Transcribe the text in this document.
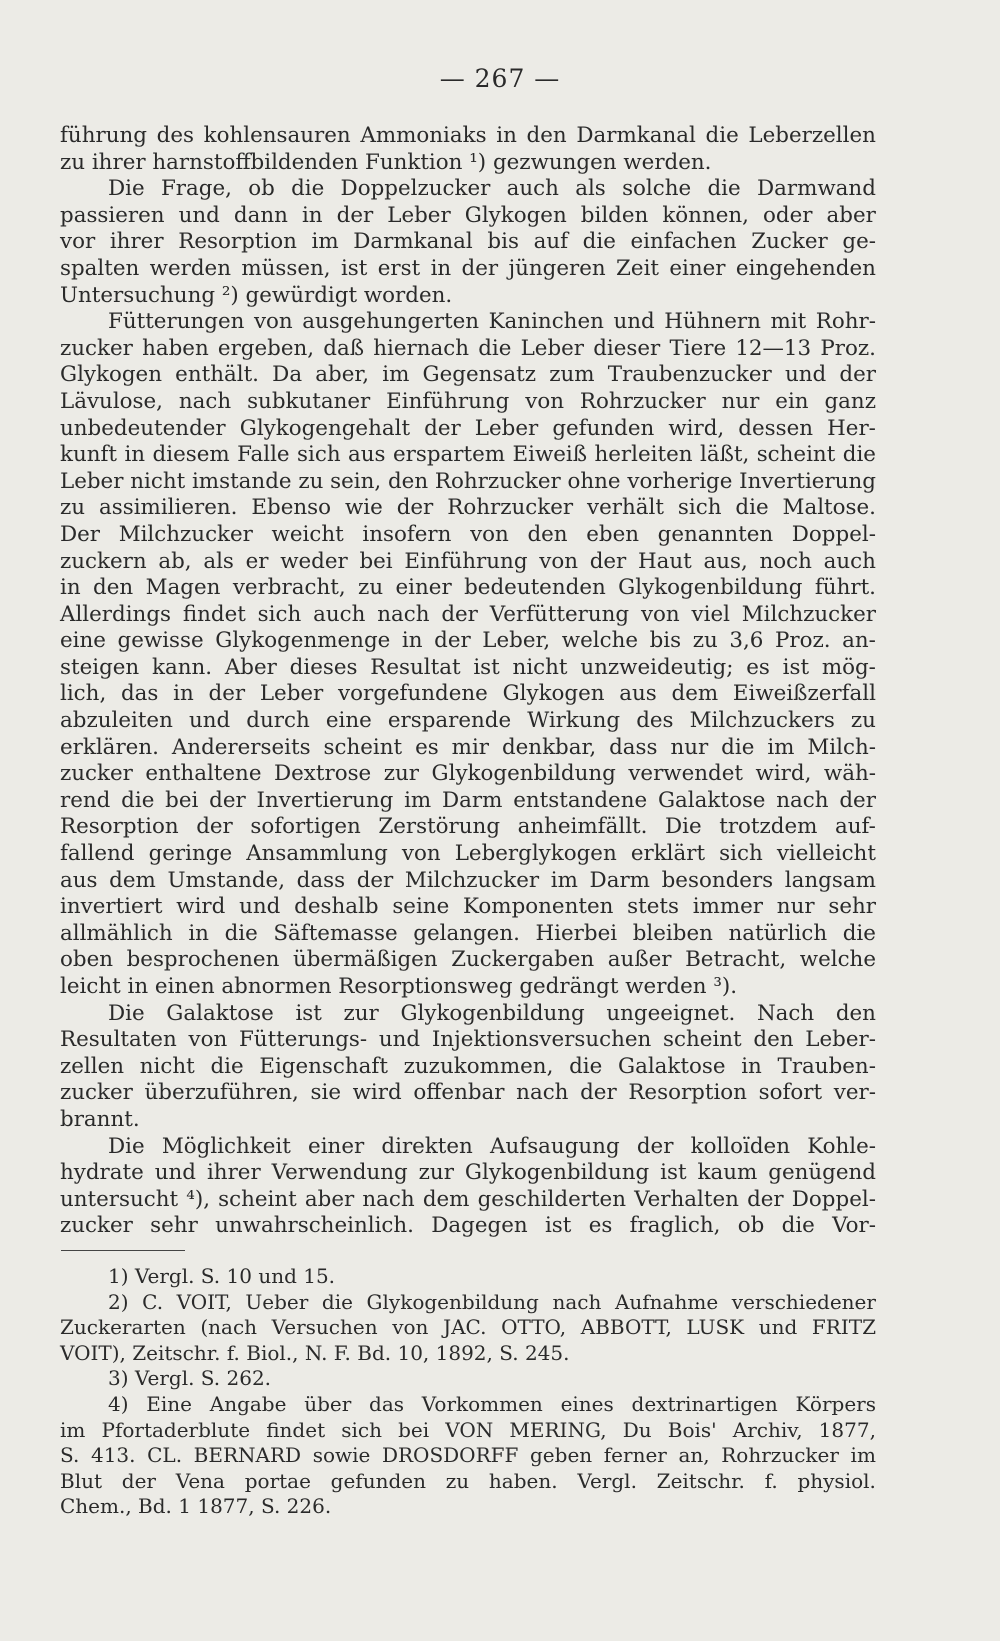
— 267 —
führung des kohlensauren Ammoniaks in den Darmkanal die Leberzellen
zu ihrer harnstoffbildenden Funktion ¹) gezwungen werden.
Die Frage, ob die Doppelzucker auch als solche die Darmwand
passieren und dann in der Leber Glykogen bilden können, oder aber
vor ihrer Resorption im Darmkanal bis auf die einfachen Zucker ge-
spalten werden müssen, ist erst in der jüngeren Zeit einer eingehenden
Untersuchung ²) gewürdigt worden.
Fütterungen von ausgehungerten Kaninchen und Hühnern mit Rohr-
zucker haben ergeben, daß hiernach die Leber dieser Tiere 12—13 Proz.
Glykogen enthält. Da aber, im Gegensatz zum Traubenzucker und der
Lävulose, nach subkutaner Einführung von Rohrzucker nur ein ganz
unbedeutender Glykogengehalt der Leber gefunden wird, dessen Her-
kunft in diesem Falle sich aus erspartem Eiweiß herleiten läßt, scheint die
Leber nicht imstande zu sein, den Rohrzucker ohne vorherige Invertierung
zu assimilieren. Ebenso wie der Rohrzucker verhält sich die Maltose.
Der Milchzucker weicht insofern von den eben genannten Doppel-
zuckern ab, als er weder bei Einführung von der Haut aus, noch auch
in den Magen verbracht, zu einer bedeutenden Glykogenbildung führt.
Allerdings findet sich auch nach der Verfütterung von viel Milchzucker
eine gewisse Glykogenmenge in der Leber, welche bis zu 3,6 Proz. an-
steigen kann. Aber dieses Resultat ist nicht unzweideutig; es ist mög-
lich, das in der Leber vorgefundene Glykogen aus dem Eiweißzerfall
abzuleiten und durch eine ersparende Wirkung des Milchzuckers zu
erklären. Andererseits scheint es mir denkbar, dass nur die im Milch-
zucker enthaltene Dextrose zur Glykogenbildung verwendet wird, wäh-
rend die bei der Invertierung im Darm entstandene Galaktose nach der
Resorption der sofortigen Zerstörung anheimfällt. Die trotzdem auf-
fallend geringe Ansammlung von Leberglykogen erklärt sich vielleicht
aus dem Umstande, dass der Milchzucker im Darm besonders langsam
invertiert wird und deshalb seine Komponenten stets immer nur sehr
allmählich in die Säftemasse gelangen. Hierbei bleiben natürlich die
oben besprochenen übermäßigen Zuckergaben außer Betracht, welche
leicht in einen abnormen Resorptionsweg gedrängt werden ³).
Die Galaktose ist zur Glykogenbildung ungeeignet. Nach den
Resultaten von Fütterungs- und Injektionsversuchen scheint den Leber-
zellen nicht die Eigenschaft zuzukommen, die Galaktose in Trauben-
zucker überzuführen, sie wird offenbar nach der Resorption sofort ver-
brannt.
Die Möglichkeit einer direkten Aufsaugung der kolloïden Kohle-
hydrate und ihrer Verwendung zur Glykogenbildung ist kaum genügend
untersucht ⁴), scheint aber nach dem geschilderten Verhalten der Doppel-
zucker sehr unwahrscheinlich. Dagegen ist es fraglich, ob die Vor-
1) Vergl. S. 10 und 15.
2) C. VOIT, Ueber die Glykogenbildung nach Aufnahme verschiedener
Zuckerarten (nach Versuchen von JAC. OTTO, ABBOTT, LUSK und FRITZ
VOIT), Zeitschr. f. Biol., N. F. Bd. 10, 1892, S. 245.
3) Vergl. S. 262.
4) Eine Angabe über das Vorkommen eines dextrinartigen Körpers
im Pfortaderblute findet sich bei VON MERING, Du Bois' Archiv, 1877,
S. 413. CL. BERNARD sowie DROSDORFF geben ferner an, Rohrzucker im
Blut der Vena portae gefunden zu haben. Vergl. Zeitschr. f. physiol.
Chem., Bd. 1 1877, S. 226.
